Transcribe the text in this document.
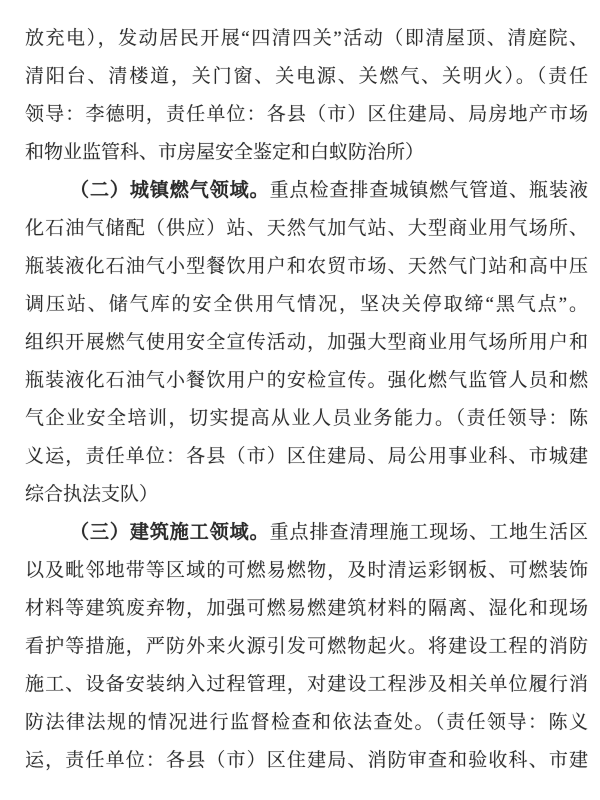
放充电），发动居民开展“四清四关”活动（即清屋顶、清庭院、
清阳台、清楼道，关门窗、关电源、关燃气、关明火）。（责任
领导：李德明，责任单位：各县（市）区住建局、局房地产市场
和物业监管科、市房屋安全鉴定和白蚁防治所）
（二）城镇燃气领域。重点检查排查城镇燃气管道、瓶装液
化石油气储配（供应）站、天然气加气站、大型商业用气场所、
瓶装液化石油气小型餐饮用户和农贸市场、天然气门站和高中压
调压站、储气库的安全供用气情况，坚决关停取缔“黑气点”。
组织开展燃气使用安全宣传活动，加强大型商业用气场所用户和
瓶装液化石油气小餐饮用户的安检宣传。强化燃气监管人员和燃
气企业安全培训，切实提高从业人员业务能力。（责任领导：陈
义运，责任单位：各县（市）区住建局、局公用事业科、市城建
综合执法支队）
（三）建筑施工领域。重点排查清理施工现场、工地生活区
以及毗邻地带等区域的可燃易燃物，及时清运彩钢板、可燃装饰
材料等建筑废弃物，加强可燃易燃建筑材料的隔离、湿化和现场
看护等措施，严防外来火源引发可燃物起火。将建设工程的消防
施工、设备安装纳入过程管理，对建设工程涉及相关单位履行消
防法律法规的情况进行监督检查和依法查处。（责任领导：陈义
运，责任单位：各县（市）区住建局、消防审查和验收科、市建
